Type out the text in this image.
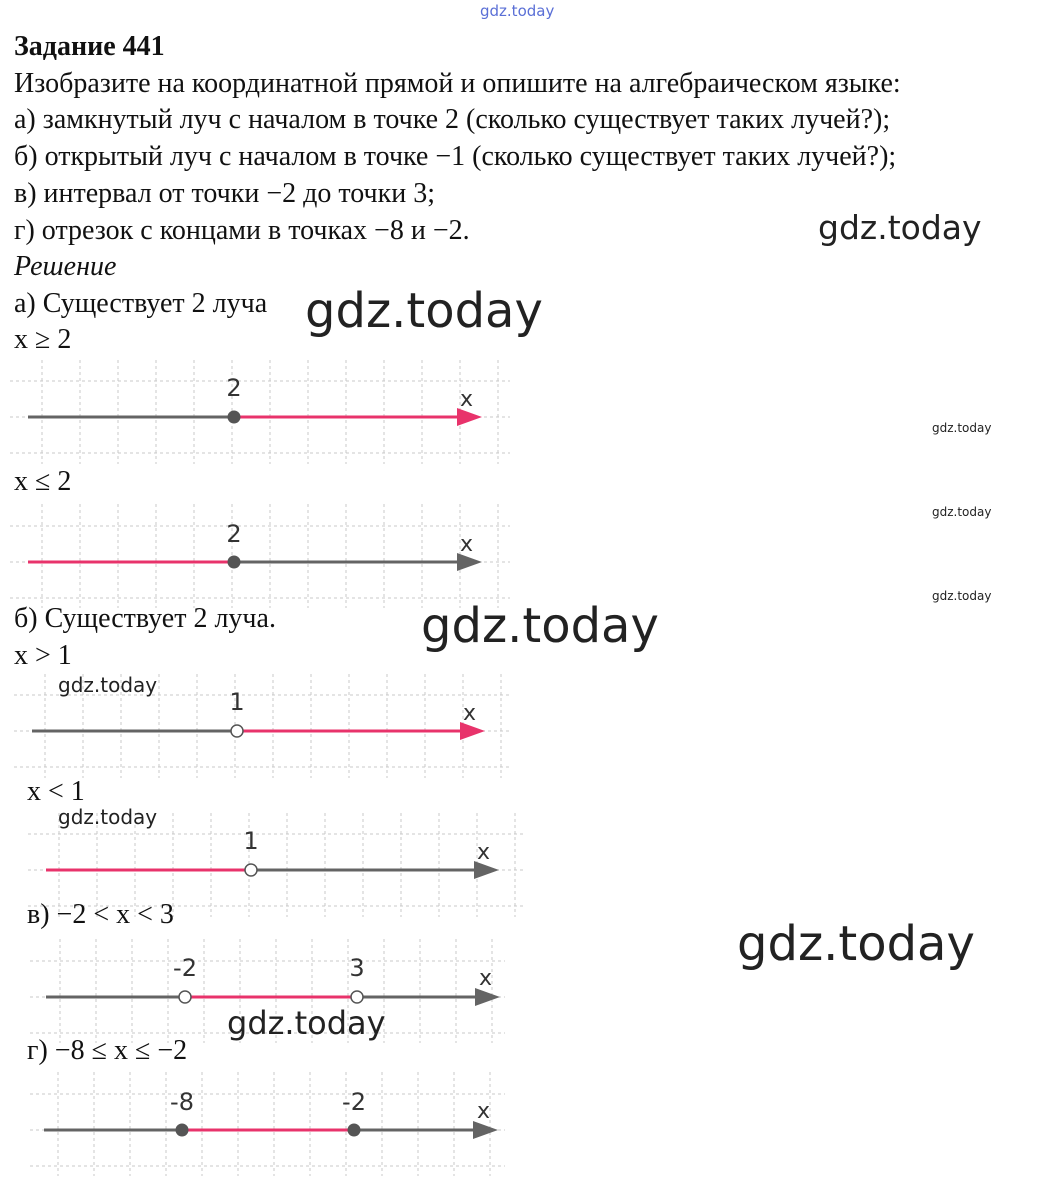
gdz.today

Задание 441

Изобразите на координатной прямой и опишите на алгебраическом языке:

а) замкнутый луч с началом в точке 2 (сколько существует таких лучей?);

б) открытый луч с началом в точке −1 (сколько существует таких лучей?);

в) интервал от точки −2 до точки 3;

г) отрезок с концами в точках −8 и −2.	gdz.today

Решение

а) Существует 2 луча gdz.today

x ≥ 2

x
2
gdz.today

x ≤ 2

x
2
gdz.today
gdz.today

б) Существует 2 луча.	gdz.today

x > 1

x
1
gdz.today

x < 1

x
1
gdz.today

в) −2 < x < 3

gdz.today
x
-2	3
gdz.today

г) −8 ≤ x ≤ −2

x
-8	-2
